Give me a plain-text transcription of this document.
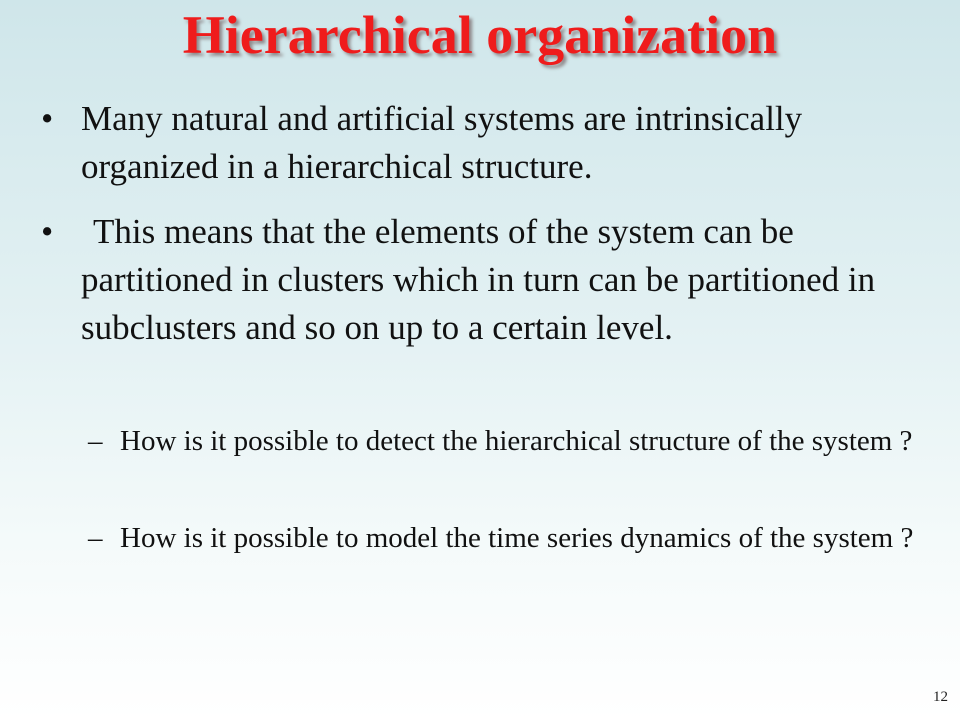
Hierarchical organization
• Many natural and artificial systems are intrinsically organized in a hierarchical structure.
•	This means that the elements of the system can be partitioned in clusters which in turn can be partitioned in subclusters and so on up to a certain level.
– How is it possible to detect the hierarchical structure of the system ?
– How is it possible to model the time series dynamics of the system ?
12
